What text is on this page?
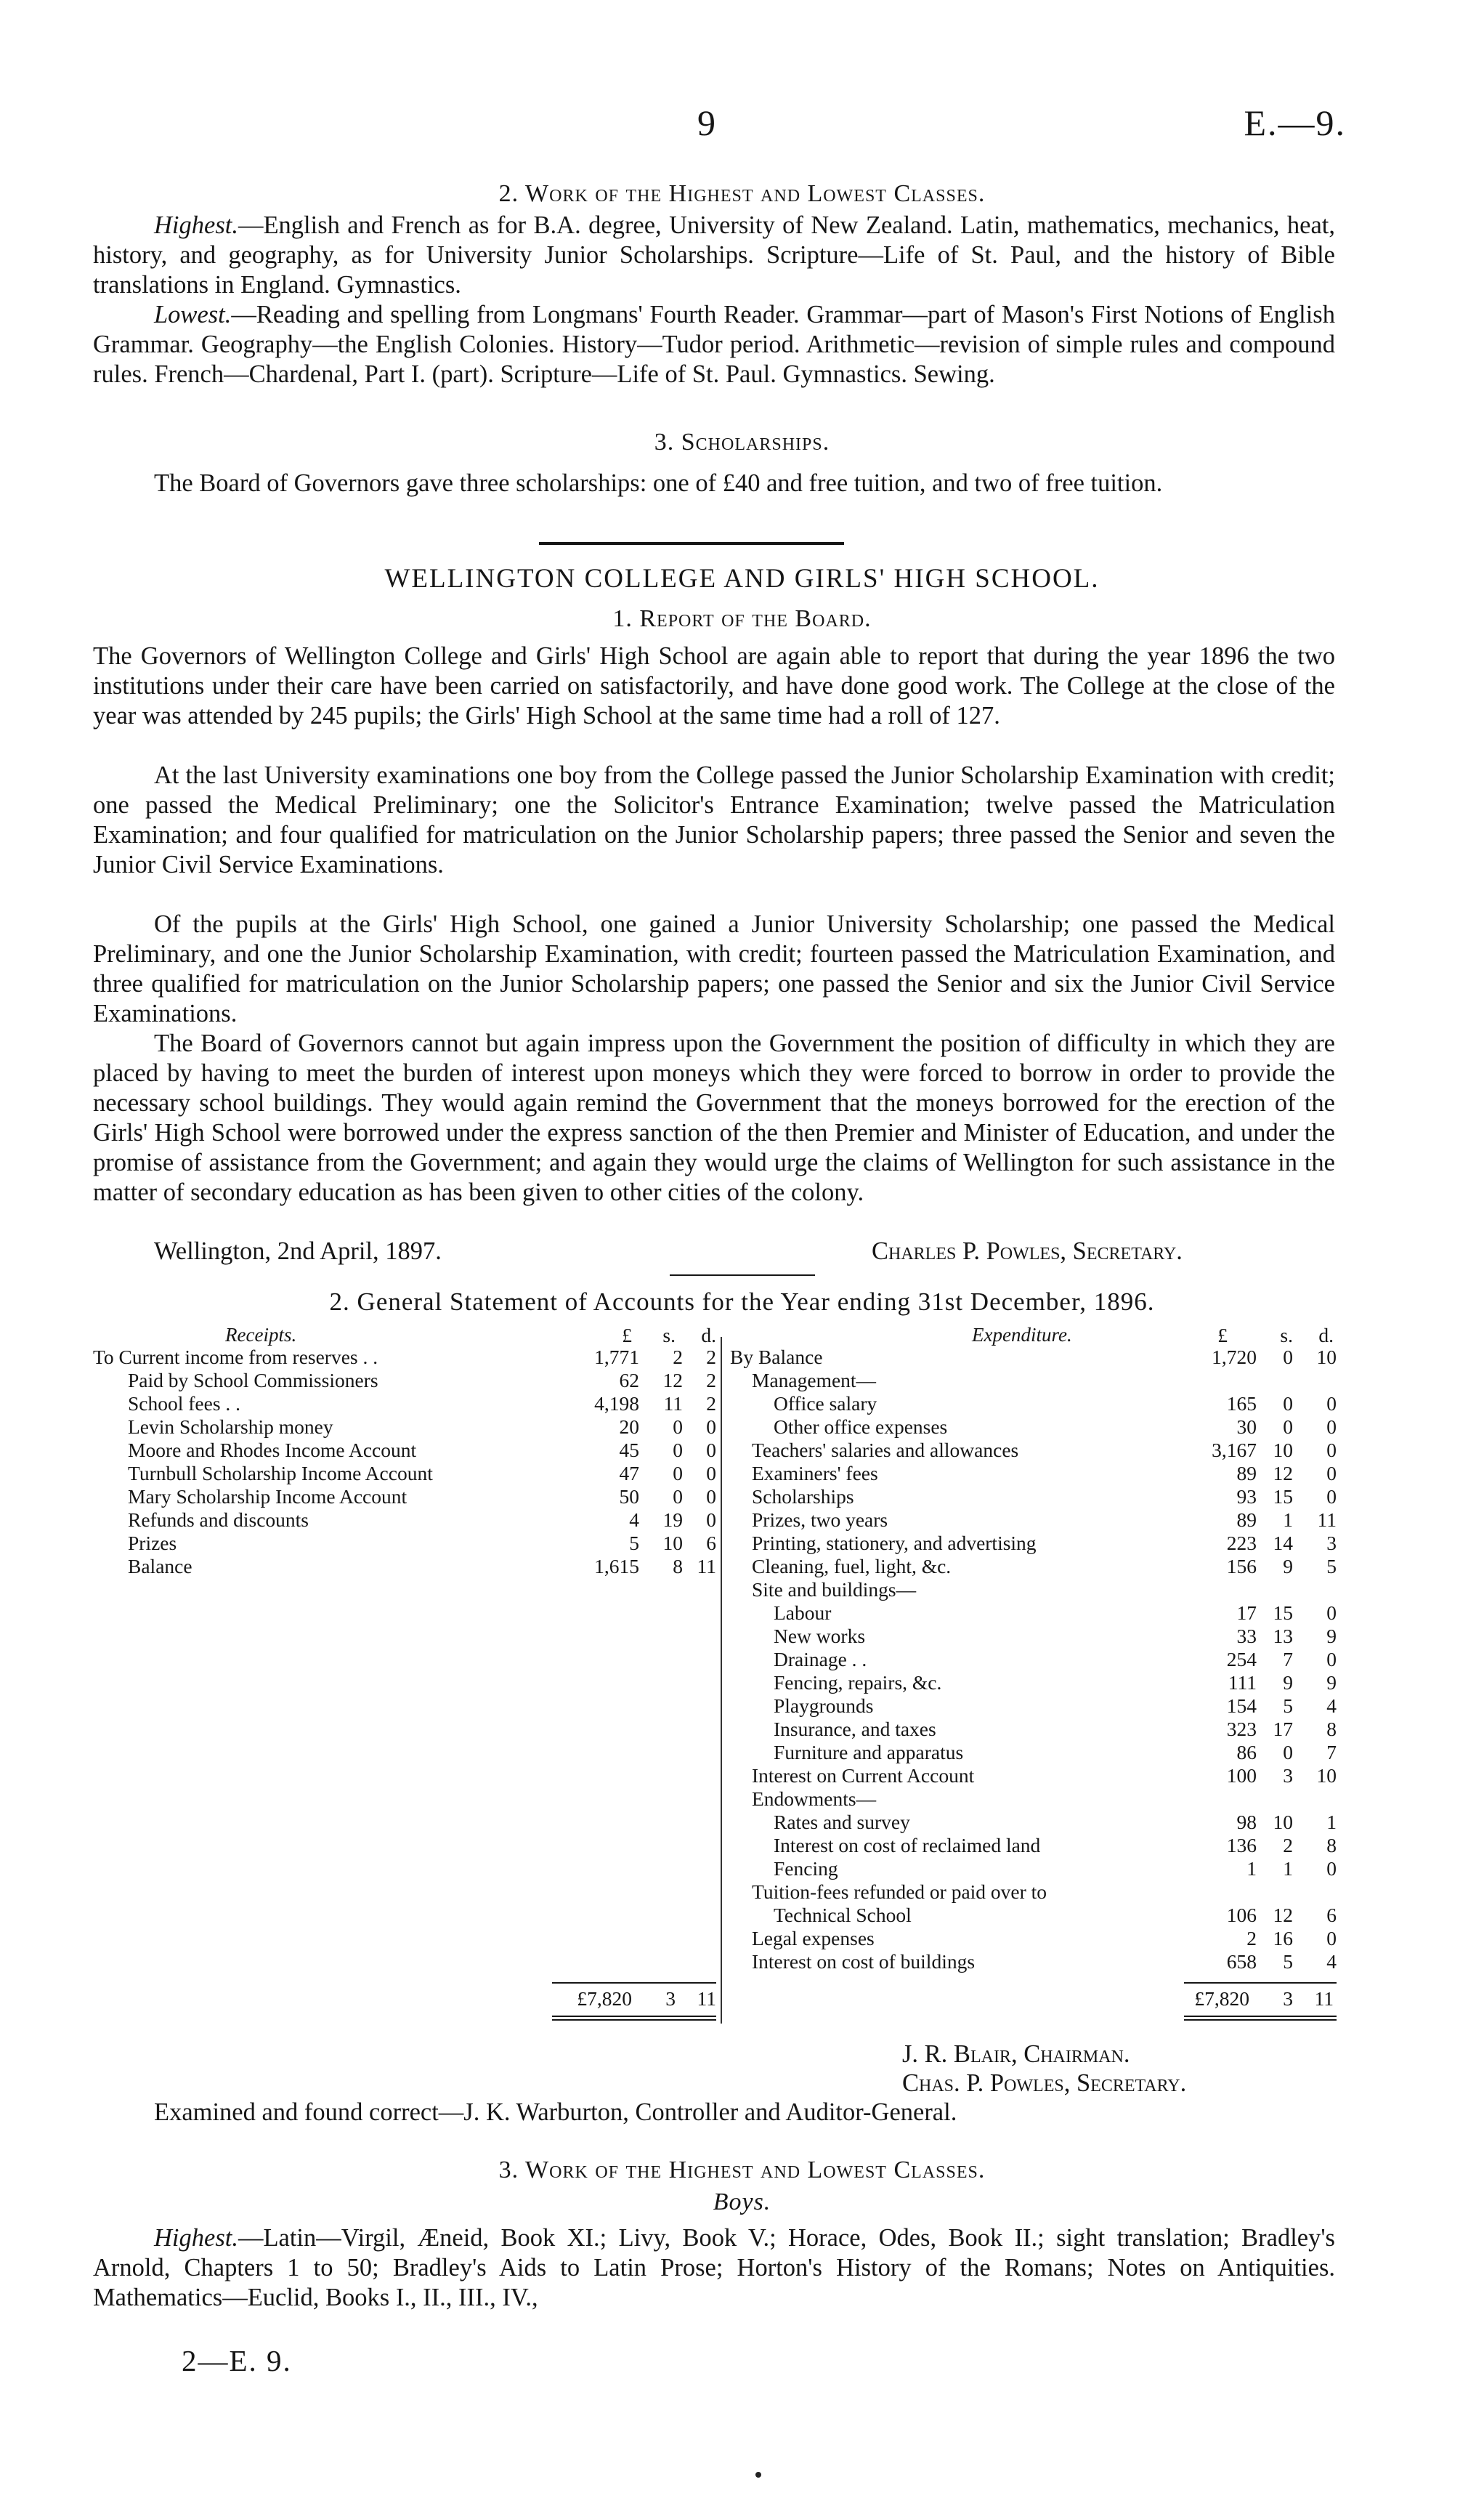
9	E.—9.
2. Work of the Highest and Lowest Classes.

Highest.—English and French as for B.A. degree, University of New Zealand. Latin, mathematics, mechanics, heat, history, and geography, as for University Junior Scholarships. Scripture—Life of St. Paul, and the history of Bible translations in England. Gymnastics.

Lowest.—Reading and spelling from Longmans' Fourth Reader. Grammar—part of Mason's First Notions of English Grammar. Geography—the English Colonies. History—Tudor period. Arithmetic—revision of simple rules and compound rules. French—Chardenal, Part I. (part). Scripture—Life of St. Paul. Gymnastics. Sewing.

3. Scholarships.

The Board of Governors gave three scholarships: one of £40 and free tuition, and two of free tuition.

WELLINGTON COLLEGE AND GIRLS' HIGH SCHOOL.
1. Report of the Board.

The Governors of Wellington College and Girls' High School are again able to report that during the year 1896 the two institutions under their care have been carried on satisfactorily, and have done good work. The College at the close of the year was attended by 245 pupils; the Girls' High School at the same time had a roll of 127.

At the last University examinations one boy from the College passed the Junior Scholarship Examination with credit; one passed the Medical Preliminary; one the Solicitor's Entrance Examination; twelve passed the Matriculation Examination; and four qualified for matriculation on the Junior Scholarship papers; three passed the Senior and seven the Junior Civil Service Examinations.

Of the pupils at the Girls' High School, one gained a Junior University Scholarship; one passed the Medical Preliminary, and one the Junior Scholarship Examination, with credit; fourteen passed the Matriculation Examination, and three qualified for matriculation on the Junior Scholarship papers; one passed the Senior and six the Junior Civil Service Examinations.

The Board of Governors cannot but again impress upon the Government the position of difficulty in which they are placed by having to meet the burden of interest upon moneys which they were forced to borrow in order to provide the necessary school buildings. They would again remind the Government that the moneys borrowed for the erection of the Girls' High School were borrowed under the express sanction of the then Premier and Minister of Education, and under the promise of assistance from the Government; and again they would urge the claims of Wellington for such assistance in the matter of secondary education as has been given to other cities of the colony.

Wellington, 2nd April, 1897.	Charles P. Powles, Secretary.
2. General Statement of Accounts for the Year ending 31st December, 1896.
Receipts.	Expenditure.
£	s.	d.	£	s.	d.
To Current income from reserves . .	1,771	2	2
Paid by School Commissioners	62	12	2
School fees . .	4,198	11	2
Levin Scholarship money	20	0	0
Moore and Rhodes Income Account	45	0	0
Turnbull Scholarship Income Account	47	0	0
Mary Scholarship Income Account	50	0	0
Refunds and discounts	4	19	0
Prizes	5	10	6
Balance	1,615	8 11
By Balance	1,720	0	10
Management—
Office salary	165	0	0
Other office expenses	30	0	0
Teachers' salaries and allowances	3,167 10	0
Examiners' fees	89 12	0
Scholarships	93 15	0
Prizes, two years	89	1	11
Printing, stationery, and advertising	223 14	3
Cleaning, fuel, light, &c.	156	9	5
Site and buildings—
Labour	17 15	0
New works	33 13	9
Drainage . .	254	7	0
Fencing, repairs, &c.	111	9	9
Playgrounds	154	5	4
Insurance, and taxes	323 17	8
Furniture and apparatus	86	0	7
Interest on Current Account	100	3	10
Endowments—
Rates and survey	98 10	1
Interest on cost of reclaimed land	136	2	8
Fencing	1	1	0
Tuition-fees refunded or paid over to
Technical School	106 12	6
Legal expenses	2 16	0
Interest on cost of buildings	658	5	4
£7,820	3	11	£7,820	3	11
J. R. Blair, Chairman.
Chas. P. Powles, Secretary.
Examined and found correct—J. K. Warburton, Controller and Auditor-General.
3. Work of the Highest and Lowest Classes.
Boys.

Highest.—Latin—Virgil, Æneid, Book XI.; Livy, Book V.; Horace, Odes, Book II.; sight translation; Bradley's Arnold, Chapters 1 to 50; Bradley's Aids to Latin Prose; Horton's History of the Romans; Notes on Antiquities. Mathematics—Euclid, Books I., II., III., IV.,

2—E. 9.
